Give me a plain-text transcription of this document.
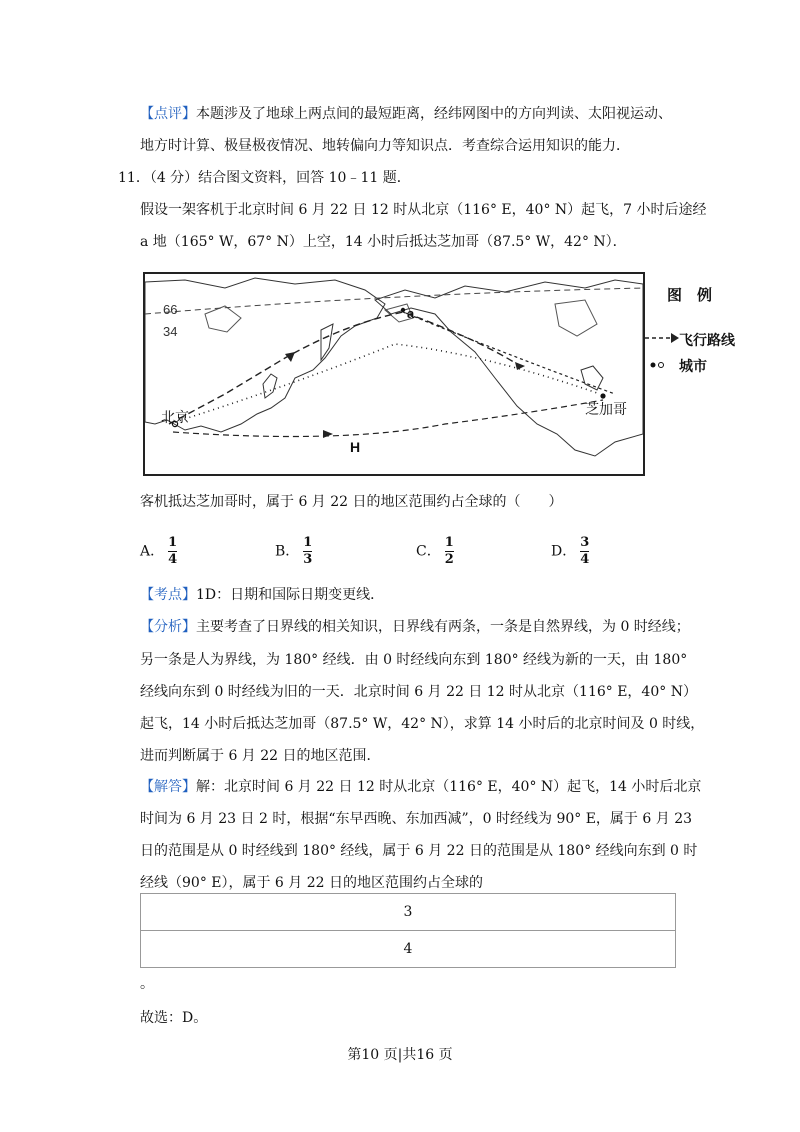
【点评】本题涉及了地球上两点间的最短距离，经纬网图中的方向判读、太阳视运动、
地方时计算、极昼极夜情况、地转偏向力等知识点．考查综合运用知识的能力．
11．（4 分）结合图文资料，回答 10﹣11 题．
假设一架客机于北京时间 6 月 22 日 12 时从北京（116° E，40° N）起飞，7 小时后途经
a 地（165° W，67° N）上空，14 小时后抵达芝加哥（87.5° W，42° N）．
66
34
a
北京	芝加哥
H
图　例
飞行路线
城市
客机抵达芝加哥时，属于 6 月 22 日的地区范围约占全球的（　　）
A． $\frac{1}{4}$	B． $\frac{1}{3}$	C． $\frac{1}{2}$	D． $\frac{3}{4}$
【考点】1D：日期和国际日期变更线．
【分析】主要考查了日界线的相关知识，日界线有两条，一条是自然界线，为 0 时经线；
另一条是人为界线，为 180° 经线．由 0 时经线向东到 180° 经线为新的一天，由 180°
经线向东到 0 时经线为旧的一天．北京时间 6 月 22 日 12 时从北京（116° E，40° N）
起飞，14 小时后抵达芝加哥（87.5° W，42° N），求算 14 小时后的北京时间及 0 时线，
进而判断属于 6 月 22 日的地区范围．
【解答】解：北京时间 6 月 22 日 12 时从北京（116° E，40° N）起飞，14 小时后北京
时间为 6 月 23 日 2 时，根据“东早西晚、东加西减”，0 时经线为 90° E，属于 6 月 23
日的范围是从 0 时经线到 180° 经线，属于 6 月 22 日的范围是从 180° 经线向东到 0 时
经线（90° E），属于 6 月 22 日的地区范围约占全球的
3
4
。
故选：D。
第10 页|共16 页
